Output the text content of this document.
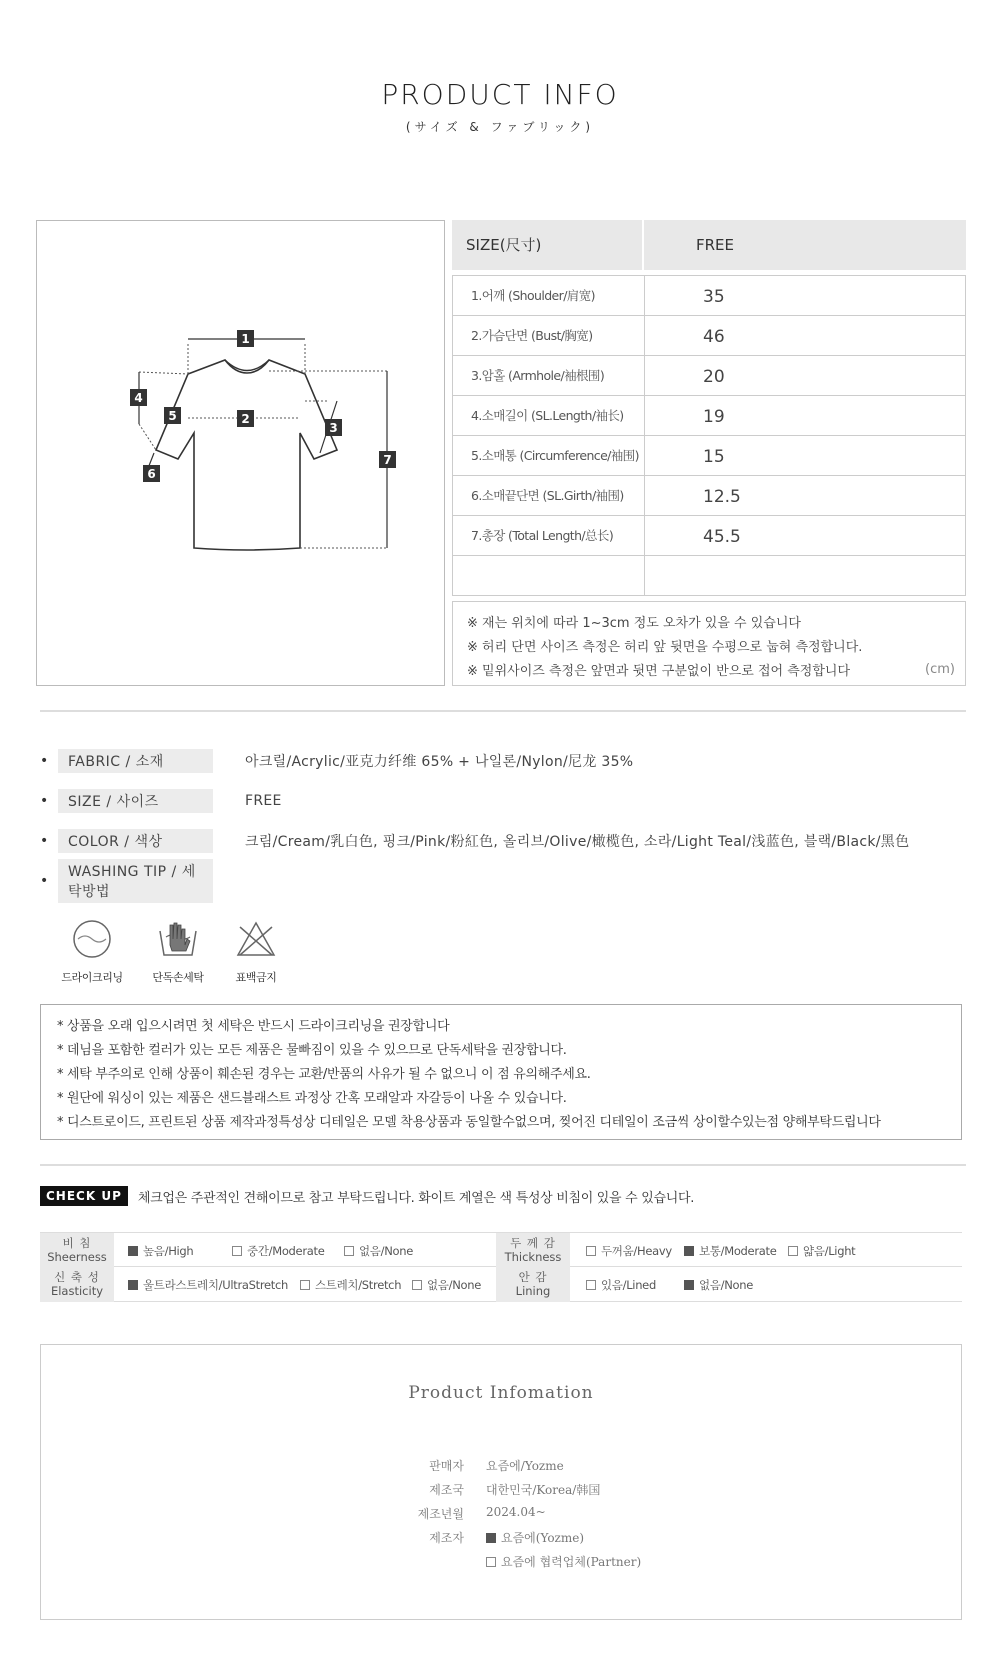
PRODUCT INFO
(サイズ & ファブリック)
1
2
3
4
5
6
7
SIZE(尺寸)	FREE
1.어깨 (Shoulder/肩宽)	35
2.가슴단면 (Bust/胸宽)	46
3.암홀 (Armhole/袖根围)	20
4.소매길이 (SL.Length/袖长)	19
5.소매통 (Circumference/袖围)	15
6.소매끝단면 (SL.Girth/袖围)	12.5
7.총장 (Total Length/总长)	45.5
※ 재는 위치에 따라 1~3cm 정도 오차가 있을 수 있습니다
※ 허리 단면 사이즈 측정은 허리 앞 뒷면을 수평으로 눕혀 측정합니다.
※ 밑위사이즈 측정은 앞면과 뒷면 구분없이 반으로 접어 측정합니다	(cm)
•	FABRIC / 소재	아크릴/Acrylic/亚克力纤维 65% + 나일론/Nylon/尼龙 35%
•	SIZE / 사이즈	FREE
•	COLOR / 색상	크림/Cream/乳白色, 핑크/Pink/粉紅色, 올리브/Olive/橄榄色, 소라/Light Teal/浅蓝色, 블랙/Black/黑色
•
WASHING TIP / 세탁방법
드라이크리닝	단독손세탁	표백금지
* 상품을 오래 입으시려면 첫 세탁은 반드시 드라이크리닝을 권장합니다
* 데님을 포함한 컬러가 있는 모든 제품은 물빠짐이 있을 수 있으므로 단독세탁을 권장합니다.
* 세탁 부주의로 인해 상품이 훼손된 경우는 교환/반품의 사유가 될 수 없으니 이 점 유의해주세요.
* 원단에 워싱이 있는 제품은 샌드블래스트 과정상 간혹 모래알과 자갈등이 나올 수 있습니다.
* 디스트로이드, 프린트된 상품 제작과정특성상 디테일은 모델 착용상품과 동일할수없으며, 찢어진 디테일이 조금씩 상이할수있는점 양해부탁드립니다
CHECK UP	체크업은 주관적인 견해이므로 참고 부탁드립니다. 화이트 계열은 색 특성상 비침이 있을 수 있습니다.
비 침
Sheerness	높음/High	중간/Moderate	없음/None
두 께 감
Thickness	두꺼움/Heavy	보통/Moderate	얇음/Light
신 축 성
Elasticity	울트라스트레치/UltraStretch	스트레치/Stretch	없음/None
안 감
Lining	있음/Lined	없음/None
Product Infomation
판매자 요즘에/Yozme
제조국 대한민국/Korea/韩国
제조년월 2024.04~
제조자	요즘에(Yozme)
요즘에 협력업체(Partner)
